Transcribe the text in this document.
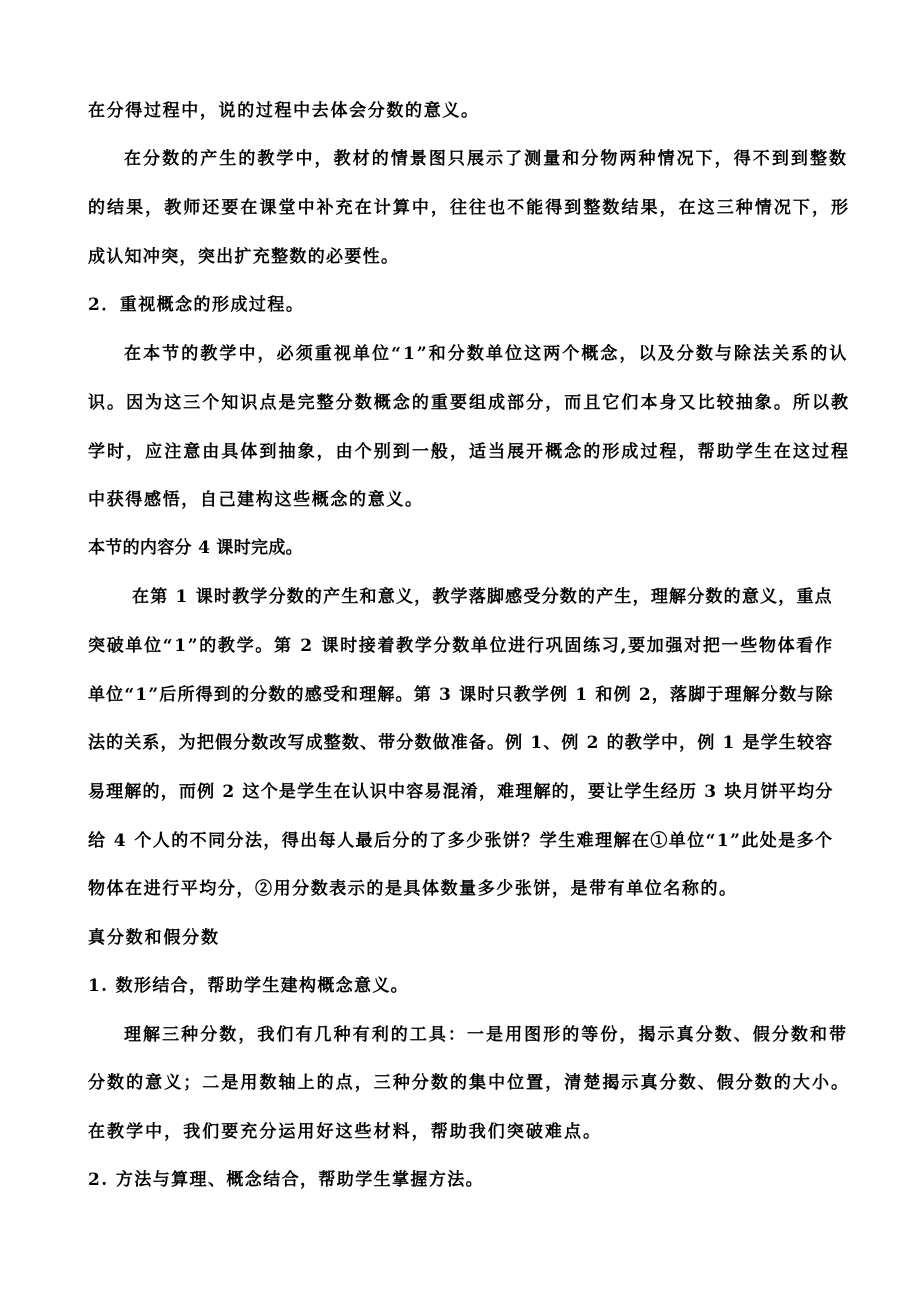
在分得过程中，说的过程中去体会分数的意义。
在分数的产生的教学中，教材的情景图只展示了测量和分物两种情况下，得不到到整数
的结果，教师还要在课堂中补充在计算中，往往也不能得到整数结果，在这三种情况下，形
成认知冲突，突出扩充整数的必要性。
2．重视概念的形成过程。
在本节的教学中，必须重视单位“1”和分数单位这两个概念，以及分数与除法关系的认
识。因为这三个知识点是完整分数概念的重要组成部分，而且它们本身又比较抽象。所以教
学时，应注意由具体到抽象，由个别到一般，适当展开概念的形成过程，帮助学生在这过程
中获得感悟，自己建构这些概念的意义。
本节的内容分 4 课时完成。
在第 1 课时教学分数的产生和意义，教学落脚感受分数的产生，理解分数的意义，重点
突破单位“1”的教学。第 2 课时接着教学分数单位进行巩固练习,要加强对把一些物体看作
单位“1”后所得到的分数的感受和理解。第 3 课时只教学例 1 和例 2，落脚于理解分数与除
法的关系，为把假分数改写成整数、带分数做准备。例 1、例 2 的教学中，例 1 是学生较容
易理解的，而例 2 这个是学生在认识中容易混淆，难理解的，要让学生经历 3 块月饼平均分
给 4 个人的不同分法，得出每人最后分的了多少张饼？学生难理解在①单位“1”此处是多个
物体在进行平均分，②用分数表示的是具体数量多少张饼，是带有单位名称的。
真分数和假分数
1. 数形结合，帮助学生建构概念意义。
理解三种分数，我们有几种有利的工具：一是用图形的等份，揭示真分数、假分数和带
分数的意义；二是用数轴上的点，三种分数的集中位置，清楚揭示真分数、假分数的大小。
在教学中，我们要充分运用好这些材料，帮助我们突破难点。
2. 方法与算理、概念结合，帮助学生掌握方法。
